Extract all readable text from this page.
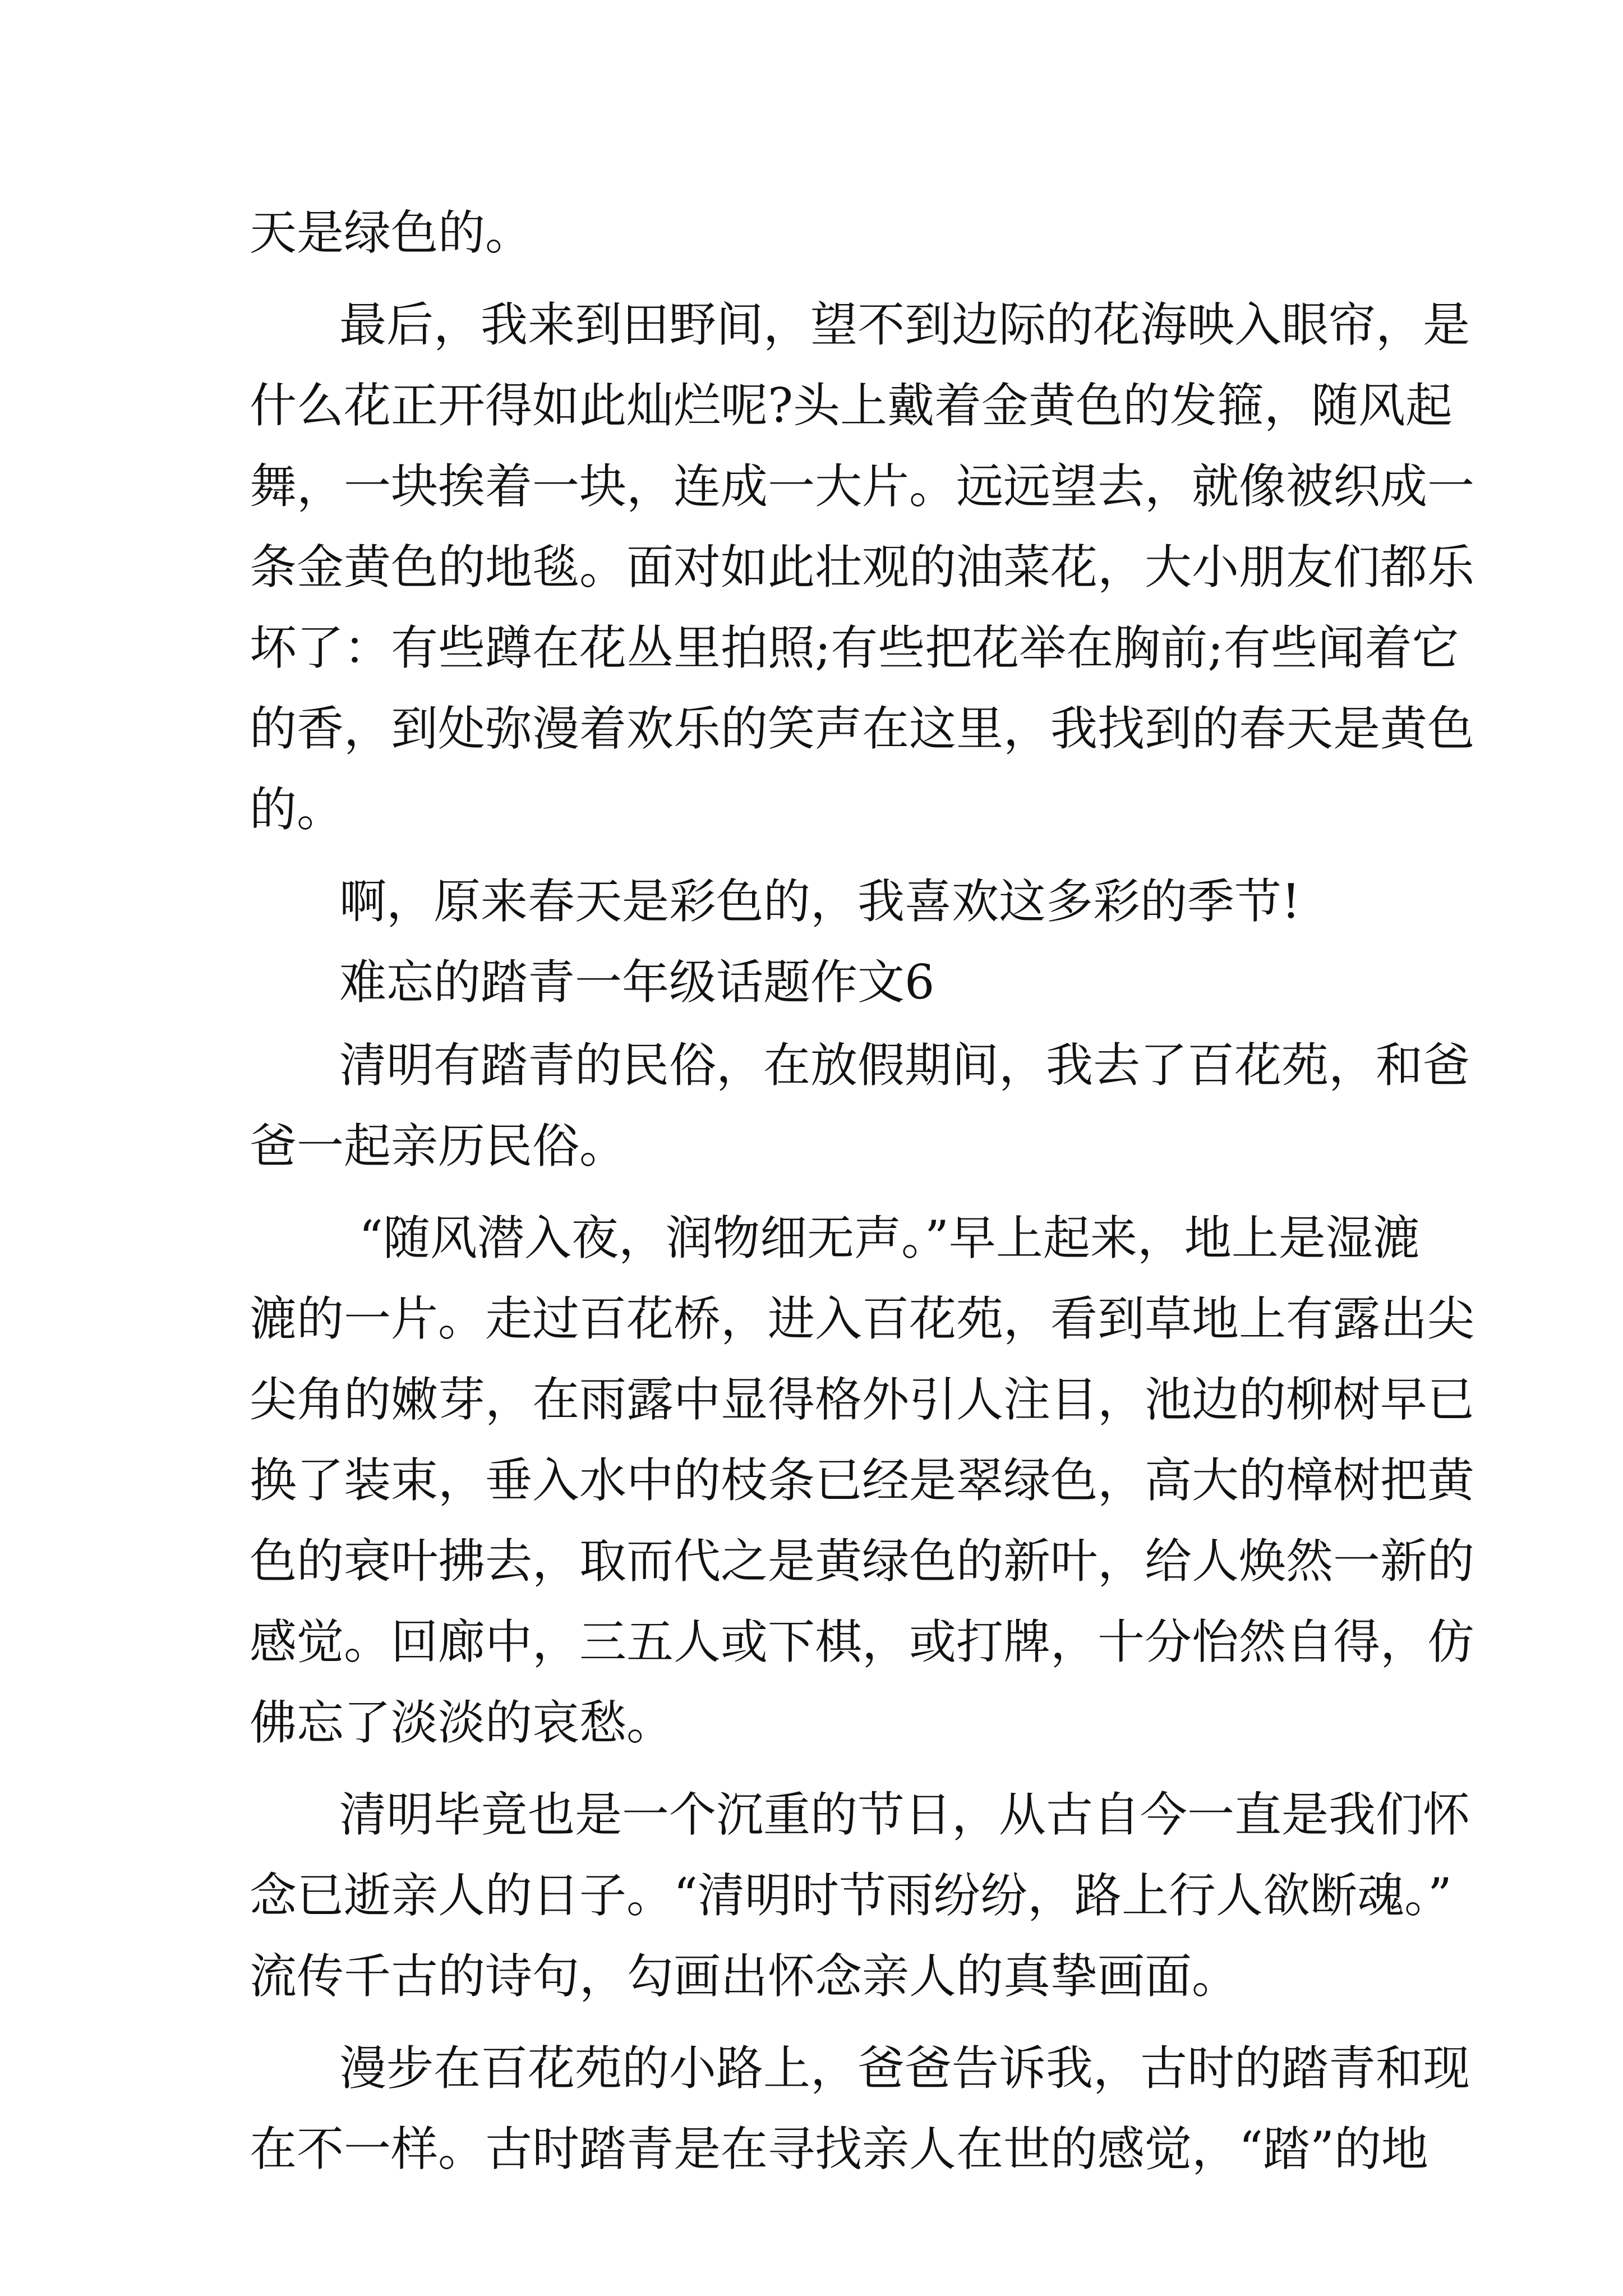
天是绿色的。
最后，我来到田野间，望不到边际的花海映入眼帘，是
什么花正开得如此灿烂呢?头上戴着金黄色的发箍，随风起
舞，一块挨着一块，连成一大片。远远望去，就像被织成一
条金黄色的地毯。面对如此壮观的油菜花，大小朋友们都乐
坏了：有些蹲在花丛里拍照;有些把花举在胸前;有些闻着它
的香，到处弥漫着欢乐的笑声在这里，我找到的春天是黄色
的。
啊，原来春天是彩色的，我喜欢这多彩的季节!
难忘的踏青一年级话题作文6
清明有踏青的民俗，在放假期间，我去了百花苑，和爸
爸一起亲历民俗。
“随风潜入夜，润物细无声。”早上起来，地上是湿漉
漉的一片。走过百花桥，进入百花苑，看到草地上有露出尖
尖角的嫩芽，在雨露中显得格外引人注目，池边的柳树早已
换了装束，垂入水中的枝条已经是翠绿色，高大的樟树把黄
色的衰叶拂去，取而代之是黄绿色的新叶，给人焕然一新的
感觉。回廊中，三五人或下棋，或打牌，十分怡然自得，仿
佛忘了淡淡的哀愁。
清明毕竟也是一个沉重的节日，从古自今一直是我们怀
念已逝亲人的日子。“清明时节雨纷纷，路上行人欲断魂。”
流传千古的诗句，勾画出怀念亲人的真挚画面。
漫步在百花苑的小路上，爸爸告诉我，古时的踏青和现
在不一样。古时踏青是在寻找亲人在世的感觉，“踏”的地
